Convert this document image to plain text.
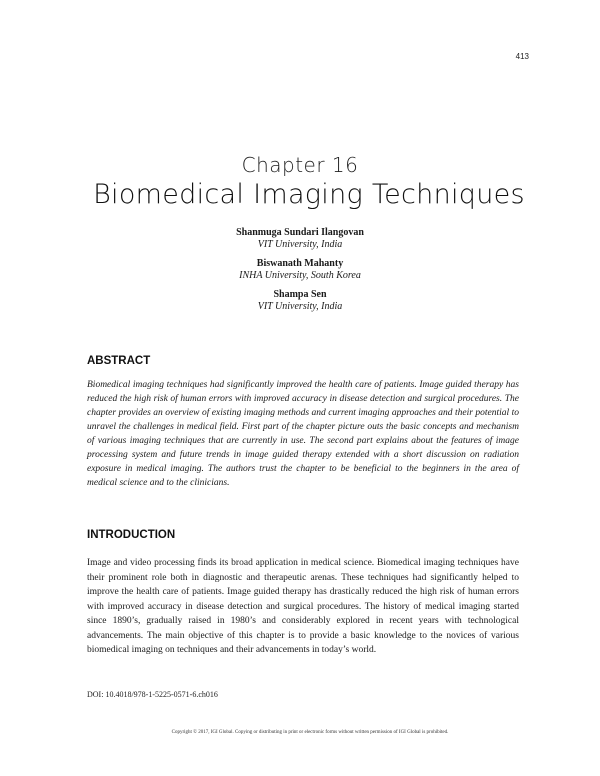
413
Chapter 16
Biomedical Imaging Techniques
Shanmuga Sundari Ilangovan
VIT University, India
Biswanath Mahanty
INHA University, South Korea
Shampa Sen
VIT University, India
ABSTRACT
Biomedical imaging techniques had significantly improved the health care of patients. Image guided therapy has reduced the high risk of human errors with improved accuracy in disease detection and surgical procedures. The chapter provides an overview of existing imaging methods and current imaging approaches and their potential to unravel the challenges in medical field. First part of the chapter picture outs the basic concepts and mechanism of various imaging techniques that are currently in use. The second part explains about the features of image processing system and future trends in image guided therapy extended with a short discussion on radiation exposure in medical imaging. The authors trust the chapter to be beneficial to the beginners in the area of medical science and to the clinicians.
INTRODUCTION
Image and video processing finds its broad application in medical science. Biomedical imaging techniques have their prominent role both in diagnostic and therapeutic arenas. These techniques had significantly helped to improve the health care of patients. Image guided therapy has drastically reduced the high risk of human errors with improved accuracy in disease detection and surgical procedures. The history of medical imaging started since 1890’s, gradually raised in 1980’s and considerably explored in recent years with technological advancements. The main objective of this chapter is to provide a basic knowledge to the novices of various biomedical imaging on techniques and their advancements in today’s world.
DOI: 10.4018/978-1-5225-0571-6.ch016
Copyright © 2017, IGI Global. Copying or distributing in print or electronic forms without written permission of IGI Global is prohibited.
